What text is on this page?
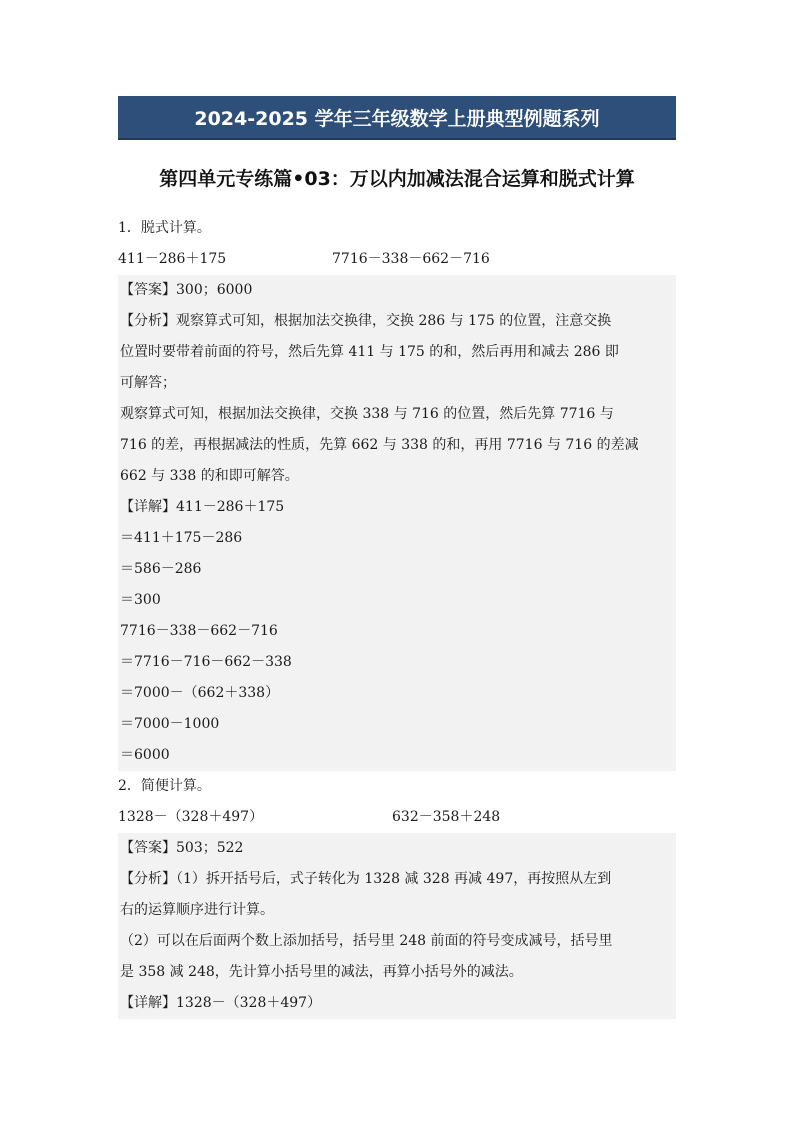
2024-2025 学年三年级数学上册典型例题系列
第四单元专练篇•03：万以内加减法混合运算和脱式计算
1．脱式计算。
411－286＋175	7716－338－662－716
【答案】300；6000
【分析】观察算式可知，根据加法交换律，交换 286 与 175 的位置，注意交换
位置时要带着前面的符号，然后先算 411 与 175 的和，然后再用和减去 286 即
可解答；
观察算式可知，根据加法交换律，交换 338 与 716 的位置，然后先算 7716 与
716 的差，再根据减法的性质，先算 662 与 338 的和，再用 7716 与 716 的差减
662 与 338 的和即可解答。
【详解】411－286＋175
＝411＋175－286
＝586－286
＝300
7716－338－662－716
＝7716－716－662－338
＝7000－（662＋338）
＝7000－1000
＝6000
2．简便计算。
1328－（328＋497）	632－358＋248
【答案】503；522
【分析】（1）拆开括号后，式子转化为 1328 减 328 再减 497，再按照从左到
右的运算顺序进行计算。
（2）可以在后面两个数上添加括号，括号里 248 前面的符号变成减号，括号里
是 358 减 248，先计算小括号里的减法，再算小括号外的减法。
【详解】1328－（328＋497）
